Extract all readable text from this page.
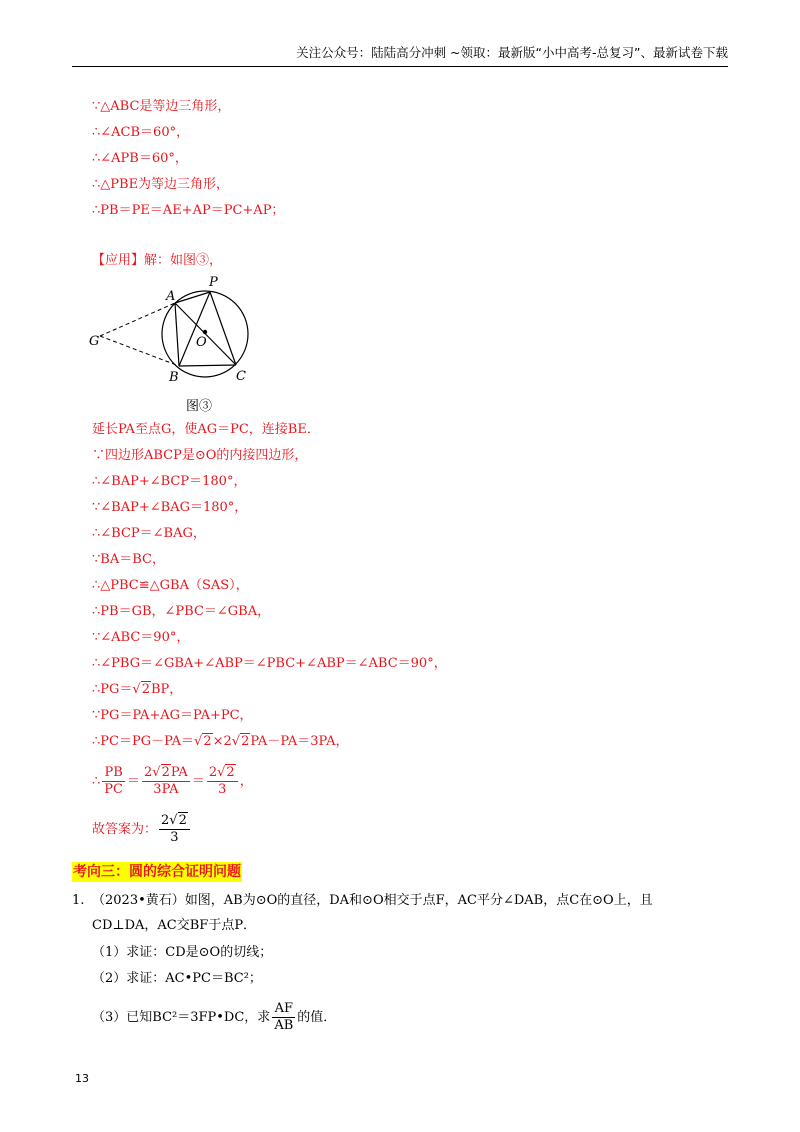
关注公众号：陆陆高分冲刺 ~领取：最新版“小中高考-总复习”、最新试卷下载
∵△ABC是等边三角形，
∴∠ACB＝60°，
∴∠APB＝60°，
∴△PBE为等边三角形，
∴PB＝PE＝AE+AP＝PC+AP；
【应用】解：如图③，
A
P
G	O
B	C
图③
延长PA至点G，使AG＝PC，连接BE．
∵四边形ABCP是⊙O的内接四边形，
∴∠BAP+∠BCP＝180°，
∵∠BAP+∠BAG＝180°，
∴∠BCP＝∠BAG，
∵BA＝BC，
∴△PBC≌△GBA（SAS），
∴PB＝GB，∠PBC＝∠GBA，
∵∠ABC＝90°，
∴∠PBG＝∠GBA+∠ABP＝∠PBC+∠ABP＝∠ABC＝90°，
∴PG＝√2BP，
∵PG＝PA+AG＝PA+PC，
∴PC＝PG－PA＝√2×2√2PA－PA＝3PA，
∴ $\frac{PB}{PC} = \frac{2√2PA}{3PA} = \frac{2√2}{3}$ ，
故答案为： $\frac{2√2}{3}$
考向三：圆的综合证明问题
1. （2023•黄石）如图，AB为⊙O的直径，DA和⊙O相交于点F，AC平分∠DAB，点C在⊙O上，且
CD⊥DA，AC交BF于点P．
（1）求证：CD是⊙O的切线；
（2）求证：AC•PC＝BC²；
（3）已知BC²＝3FP•DC，求 $\frac{AF}{AB}$ 的值．
13
